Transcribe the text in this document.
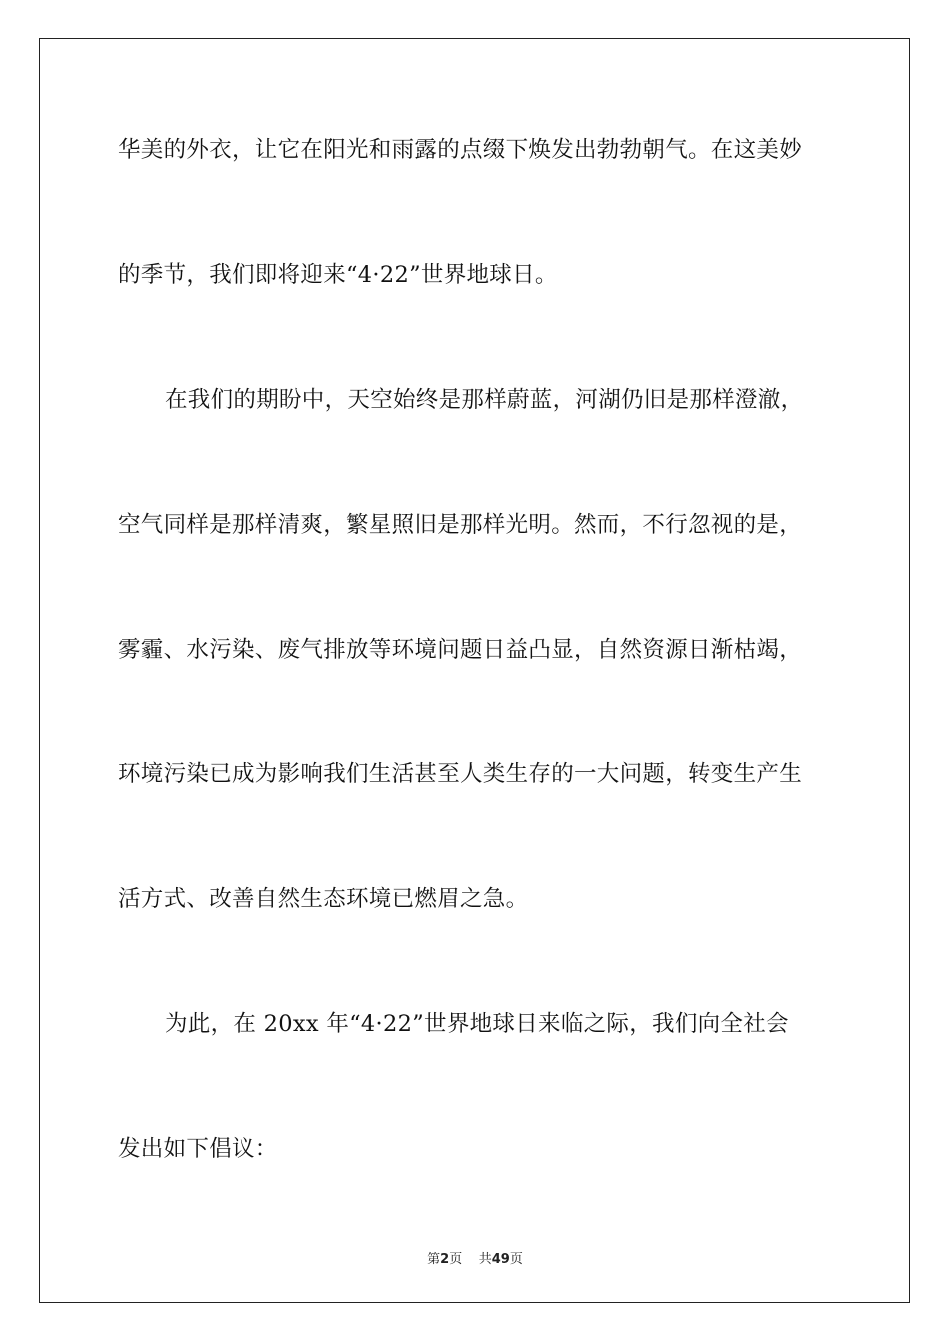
华美的外衣，让它在阳光和雨露的点缀下焕发出勃勃朝气。在这美妙
的季节，我们即将迎来“4·22”世界地球日。
在我们的期盼中，天空始终是那样蔚蓝，河湖仍旧是那样澄澈，
空气同样是那样清爽，繁星照旧是那样光明。然而，不行忽视的是，
雾霾、水污染、废气排放等环境问题日益凸显，自然资源日渐枯竭，
环境污染已成为影响我们生活甚至人类生存的一大问题，转变生产生
活方式、改善自然生态环境已燃眉之急。
为此，在 20xx 年“4·22”世界地球日来临之际，我们向全社会
发出如下倡议：
第2页 共49页
